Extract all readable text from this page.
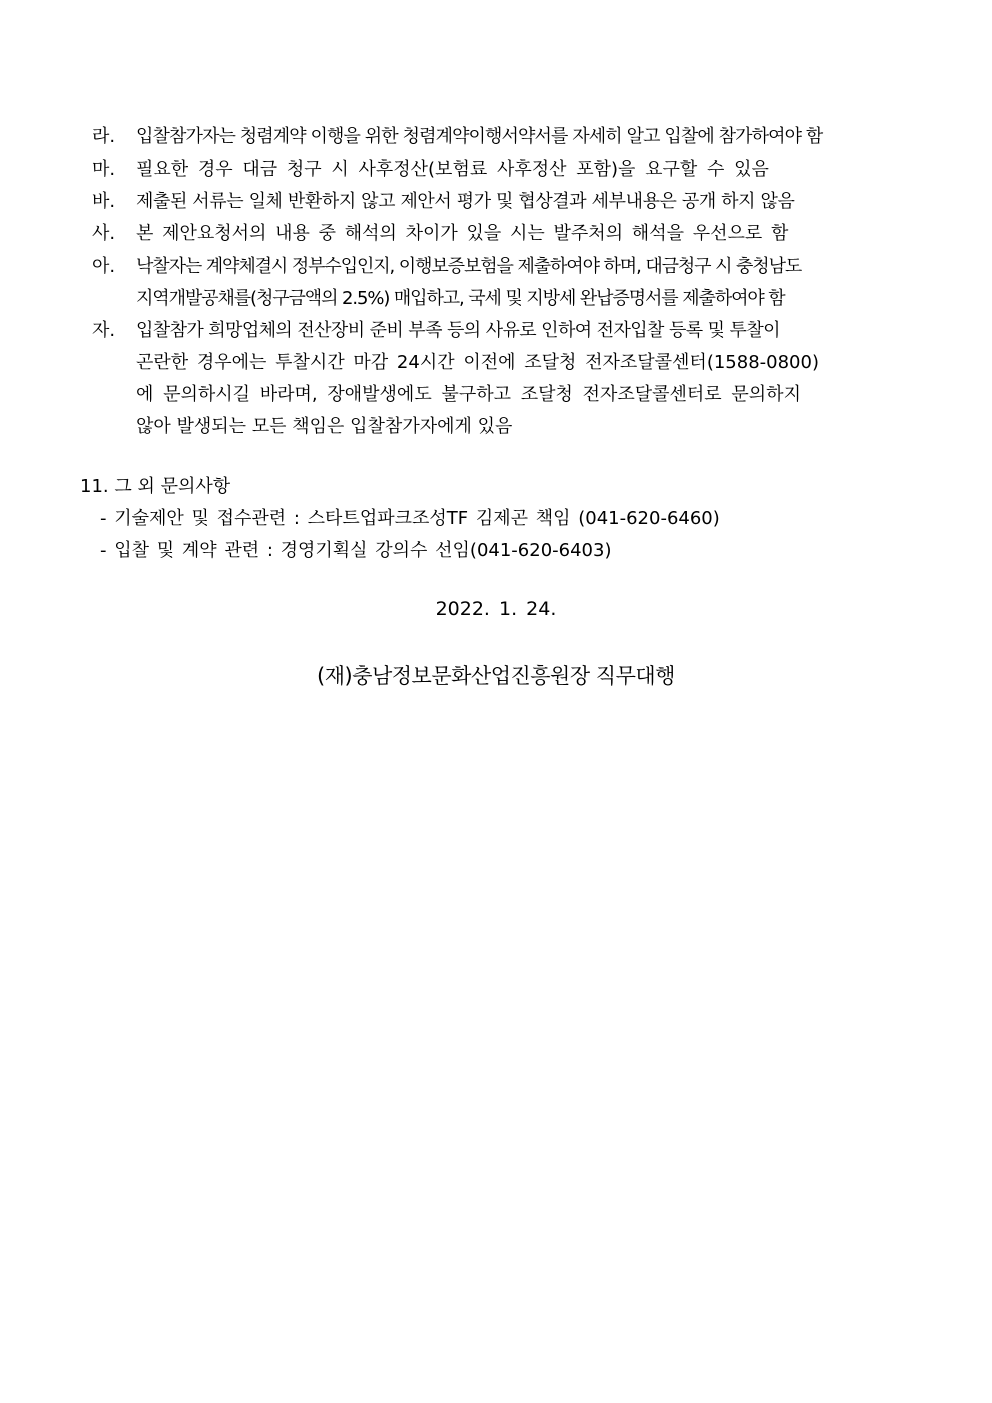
라. 입찰참가자는 청렴계약 이행을 위한 청렴계약이행서약서를 자세히 알고 입찰에 참가하여야 함
마. 필요한 경우 대금 청구 시 사후정산(보험료 사후정산 포함)을 요구할 수 있음
바. 제출된 서류는 일체 반환하지 않고 제안서 평가 및 협상결과 세부내용은 공개 하지 않음
사. 본 제안요청서의 내용 중 해석의 차이가 있을 시는 발주처의 해석을 우선으로 함
아. 낙찰자는 계약체결시 정부수입인지, 이행보증보험을 제출하여야 하며, 대금청구 시 충청남도
지역개발공채를(청구금액의 2.5%) 매입하고, 국세 및 지방세 완납증명서를 제출하여야 함
자. 입찰참가 희망업체의 전산장비 준비 부족 등의 사유로 인하여 전자입찰 등록 및 투찰이
곤란한 경우에는 투찰시간 마감 24시간 이전에 조달청 전자조달콜센터(1588-0800)
에 문의하시길 바라며, 장애발생에도 불구하고 조달청 전자조달콜센터로 문의하지
않아 발생되는 모든 책임은 입찰참가자에게 있음
11. 그 외 문의사항
- 기술제안 및 접수관련 : 스타트업파크조성TF 김제곤 책임 (041-620-6460)
- 입찰 및 계약 관련 : 경영기획실 강의수 선임(041-620-6403)
2022. 1. 24.
(재)충남정보문화산업진흥원장 직무대행
